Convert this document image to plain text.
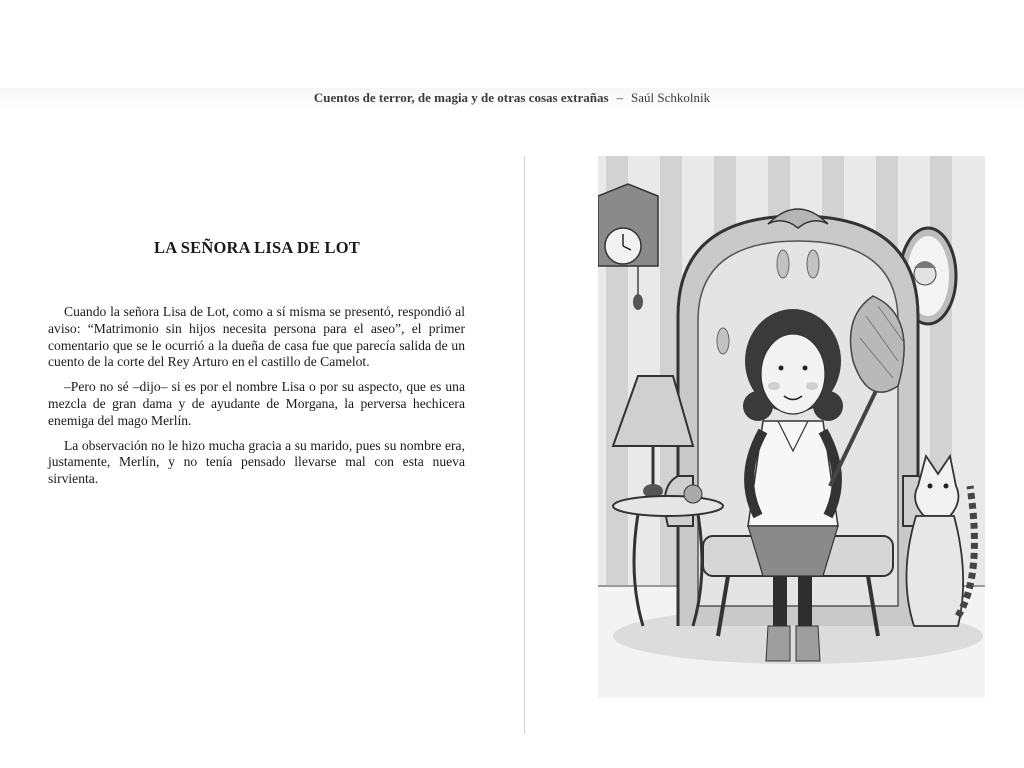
Cuentos de terror, de magia y de otras cosas extrañas – Saúl Schkolnik
LA SEÑORA LISA DE LOT

Cuando la señora Lisa de Lot, como a sí misma se presentó, respondió al aviso: “Matrimonio sin hijos necesita persona para el aseo”, el primer comentario que se le ocurrió a la dueña de casa fue que parecía salida de un cuento de la corte del Rey Arturo en el castillo de Camelot.

–Pero no sé –dijo– si es por el nombre Lisa o por su aspecto, que es una mezcla de gran dama y de ayudante de Morgana, la perversa hechicera enemiga del mago Merlín.

La observación no le hizo mucha gracia a su marido, pues su nombre era, justamente, Merlín, y no tenía pensado llevarse mal con esta nueva sirvienta.
